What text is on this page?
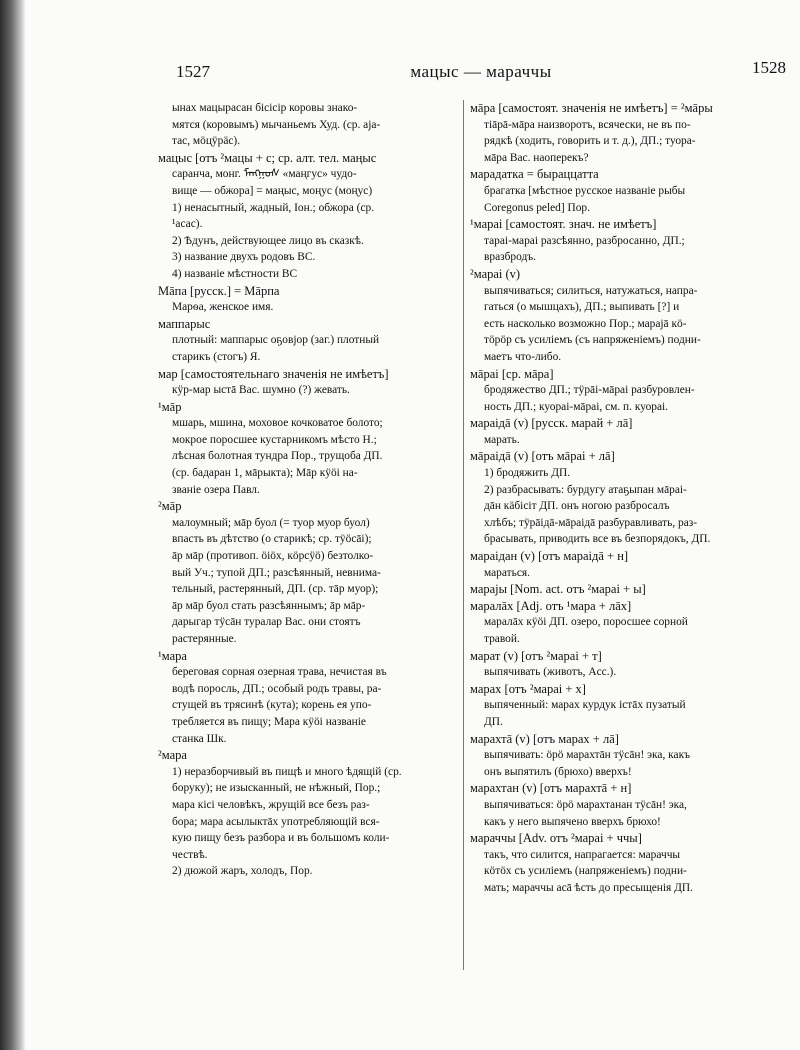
1527	мацыс — мараччы	1528
ынах мацырасан бiсiсiр коровы знако-
мятся (коровымъ) мычаньемъ Худ. (ср. аjа-
тас, мöцÿрäс).
мацыс [отъ ²мацы + с; ср. алт. тел. маңыс
саранча, монг. ᠮᠠᠩᠭᠤᠰ «маңгус» чудо-
вище — обжора] = маңыс, моңус (моңус)
1) ненасытный, жадный, Іон.; обжора (ср.
¹асас).
2) Ѣдунъ, действующее лицо въ сказкѣ.
3) название двухъ родовъ ВС.
4) названiе мѣстности ВС
Мāпа [русск.] = Мāрпа
Марѳа, женское имя.
маппарыс
плотный: маппарыс оҕовjор (заг.) плотный
старикъ (стогъ) Я.
мар [самостоятельнаго значенiя не имѣетъ]
кÿр-мар ыстā Вас. шумно (?) жевать.
¹мāр
мшарь, мшина, моховое кочковатое болото;
мокрое поросшее кустарникомъ мѣсто Н.;
лѣсная болотная тундра Пор., трущоба ДП.
(ср. бадаран 1, мāрыкта); Мāр кÿöi на-
званiе озера Павл.
²мāр
малоумный; мāр буол (= туор муор буол)
впасть въ дѣтство (о старикѣ; ср. тÿöсāi);
āр мāр (противоп. öiöх, кöрсÿö) безтолко-
вый Уч.; тупой ДП.; разсѣянный, невнима-
тельный, растерянный, ДП. (ср. тāр муор);
āр мāр буол стать разсѣяннымъ; āр мāр-
дарыгар тÿсāн туралар Вас. они стоятъ
растерянные.
¹мара
береговая сорная озерная трава, нечистая въ
водѣ поросль, ДП.; особый родъ травы, ра-
стущей въ трясинѣ (кута); корень ея упо-
требляется въ пищу; Мара кÿöi названiе
станка Шк.
²мара
1) неразборчивый въ пищѣ и много ѣдящiй (ср.
боруку); не изысканный, не нѣжный, Пор.;
мара кiсi человѣкъ, жрущiй все безъ раз-
бора; мара асылыктāх употребляющiй вся-
кую пищу безъ разбора и въ большомъ коли-
чествѣ.
2) дюжой жаръ, холодъ, Пор.
мāра [самостоят. значенiя не имѣетъ] = ²мāры
тiāрā-мāра наизворотъ, всячески, не въ по-
рядкѣ (ходить, говорить и т. д.), ДП.; туора-
мāра Вас. наоперекъ?
марадатка = быраццатта
брагатка [мѣстное русское названiе рыбы
Coregonus peled] Пор.
¹марai [самостоят. знач. не имѣетъ]
тарai-марai разсѣянно, разбросанно, ДП.;
вразбродъ.
²марai (v)
выпячиваться; силиться, натужаться, напра-
гаться (о мышцахъ), ДП.; выпивать [?] и
есть насколько возможно Пор.; марајā кö-
тöрöр съ усилiемъ (съ напряженiемъ) подни-
маетъ что-либо.
мāрai [ср. мāра]
бродяжество ДП.; тÿрāi-мāрai разбуровлен-
ность ДП.; куорai-мāрai, см. п. куорai.
мараiдā (v) [русск. марай + лā]
марать.
мāраiдā (v) [отъ мāрai + лā]
1) бродяжить ДП.
2) разбрасывать: бурдугу атаҕыпан мāраi-
дāн кäбiсiт ДП. онъ ногою разбросалъ
хлѣбъ; тÿрāiдā-мāраiдā разбуравливать, раз-
брасывать, приводить все въ безпорядокъ, ДП.
мараiдан (v) [отъ мараiдā + н]
мараться.
марајы [Nom. act. отъ ²марai + ы]
маралāх [Adj. отъ ¹мара + лāх]
маралāх кÿöi ДП. озеро, поросшее сорной
травой.
марат (v) [отъ ²марai + т]
выпячивать (животъ, Acc.).
марах [отъ ²марai + х]
выпяченный: марах курдук iстāх пузатый
ДП.
марахтā (v) [отъ марах + лā]
выпячивать: öрö марахтāн тÿсāн! эка, какъ
онъ выпятилъ (брюхо) вверхъ!
марахтан (v) [отъ марахтā + н]
выпячиваться: öрö марахтанан тÿсāн! эка,
какъ у него выпячено вверхъ брюхо!
мараччы [Adv. отъ ²марai + ччы]
такъ, что силится, напрагается: мараччы
кöтöх съ усилiемъ (напряженiемъ) подни-
мать; мараччы асā ѣсть до пресыщенiя ДП.
